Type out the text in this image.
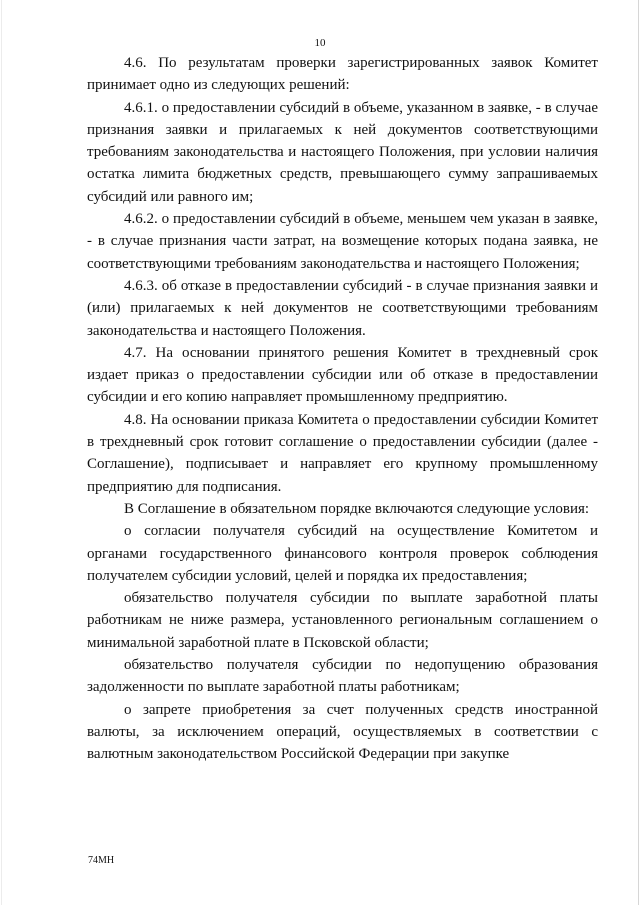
10

4.6. По результатам проверки зарегистрированных заявок Комитет принимает одно из следующих решений:

4.6.1. о предоставлении субсидий в объеме, указанном в заявке, - в случае признания заявки и прилагаемых к ней документов соответствующими требованиям законодательства и настоящего Положения, при условии наличия остатка лимита бюджетных средств, превышающего сумму запрашиваемых субсидий или равного им;

4.6.2. о предоставлении субсидий в объеме, меньшем чем указан в заявке, - в случае признания части затрат, на возмещение которых подана заявка, не соответствующими требованиям законодательства и настоящего Положения;

4.6.3. об отказе в предоставлении субсидий - в случае признания заявки и (или) прилагаемых к ней документов не соответствующими требованиям законодательства и настоящего Положения.

4.7. На основании принятого решения Комитет в трехдневный срок издает приказ о предоставлении субсидии или об отказе в предоставлении субсидии и его копию направляет промышленному предприятию.

4.8. На основании приказа Комитета о предоставлении субсидии Комитет в трехдневный срок готовит соглашение о предоставлении субсидии (далее - Соглашение), подписывает и направляет его крупному промышленному предприятию для подписания.

В Соглашение в обязательном порядке включаются следующие условия:

о согласии получателя субсидий на осуществление Комитетом и органами государственного финансового контроля проверок соблюдения получателем субсидии условий, целей и порядка их предоставления;

обязательство получателя субсидии по выплате заработной платы работникам не ниже размера, установленного региональным соглашением о минимальной заработной плате в Псковской области;

обязательство получателя субсидии по недопущению образования задолженности по выплате заработной платы работникам;

о запрете приобретения за счет полученных средств иностранной валюты, за исключением операций, осуществляемых в соответствии с валютным законодательством Российской Федерации при закупке

74МН
